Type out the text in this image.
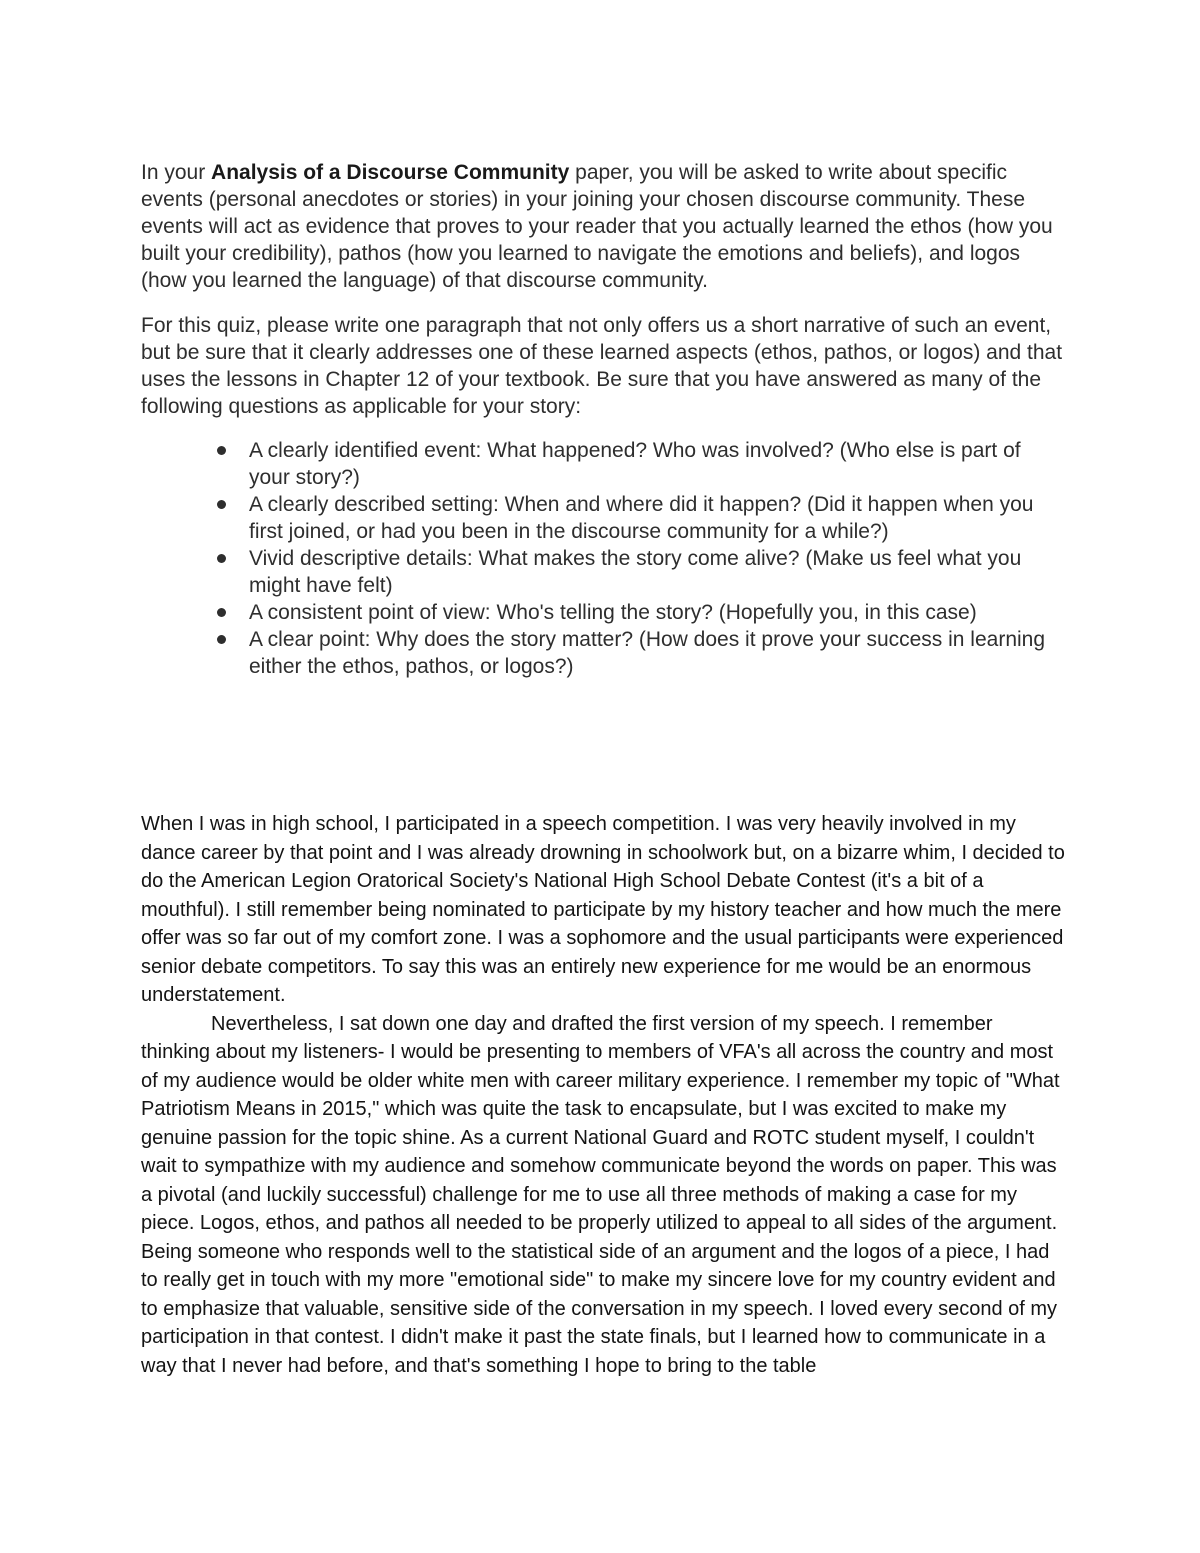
In your Analysis of a Discourse Community paper, you will be asked to write about specific events (personal anecdotes or stories) in your joining your chosen discourse community. These events will act as evidence that proves to your reader that you actually learned the ethos (how you built your credibility), pathos (how you learned to navigate the emotions and beliefs), and logos (how you learned the language) of that discourse community.

For this quiz, please write one paragraph that not only offers us a short narrative of such an event, but be sure that it clearly addresses one of these learned aspects (ethos, pathos, or logos) and that uses the lessons in Chapter 12 of your textbook. Be sure that you have answered as many of the following questions as applicable for your story:

A clearly identified event: What happened? Who was involved? (Who else is part of your story?)
A clearly described setting: When and where did it happen? (Did it happen when you first joined, or had you been in the discourse community for a while?)
Vivid descriptive details: What makes the story come alive? (Make us feel what you might have felt)
A consistent point of view: Who's telling the story? (Hopefully you, in this case)
A clear point: Why does the story matter? (How does it prove your success in learning either the ethos, pathos, or logos?)

When I was in high school, I participated in a speech competition. I was very heavily involved in my dance career by that point and I was already drowning in schoolwork but, on a bizarre whim, I decided to do the American Legion Oratorical Society's National High School Debate Contest (it's a bit of a mouthful). I still remember being nominated to participate by my history teacher and how much the mere offer was so far out of my comfort zone. I was a sophomore and the usual participants were experienced senior debate competitors. To say this was an entirely new experience for me would be an enormous understatement.

Nevertheless, I sat down one day and drafted the first version of my speech. I remember thinking about my listeners- I would be presenting to members of VFA's all across the country and most of my audience would be older white men with career military experience. I remember my topic of "What Patriotism Means in 2015," which was quite the task to encapsulate, but I was excited to make my genuine passion for the topic shine. As a current National Guard and ROTC student myself, I couldn't wait to sympathize with my audience and somehow communicate beyond the words on paper. This was a pivotal (and luckily successful) challenge for me to use all three methods of making a case for my piece. Logos, ethos, and pathos all needed to be properly utilized to appeal to all sides of the argument. Being someone who responds well to the statistical side of an argument and the logos of a piece, I had to really get in touch with my more "emotional side" to make my sincere love for my country evident and to emphasize that valuable, sensitive side of the conversation in my speech. I loved every second of my participation in that contest. I didn't make it past the state finals, but I learned how to communicate in a way that I never had before, and that's something I hope to bring to the table
